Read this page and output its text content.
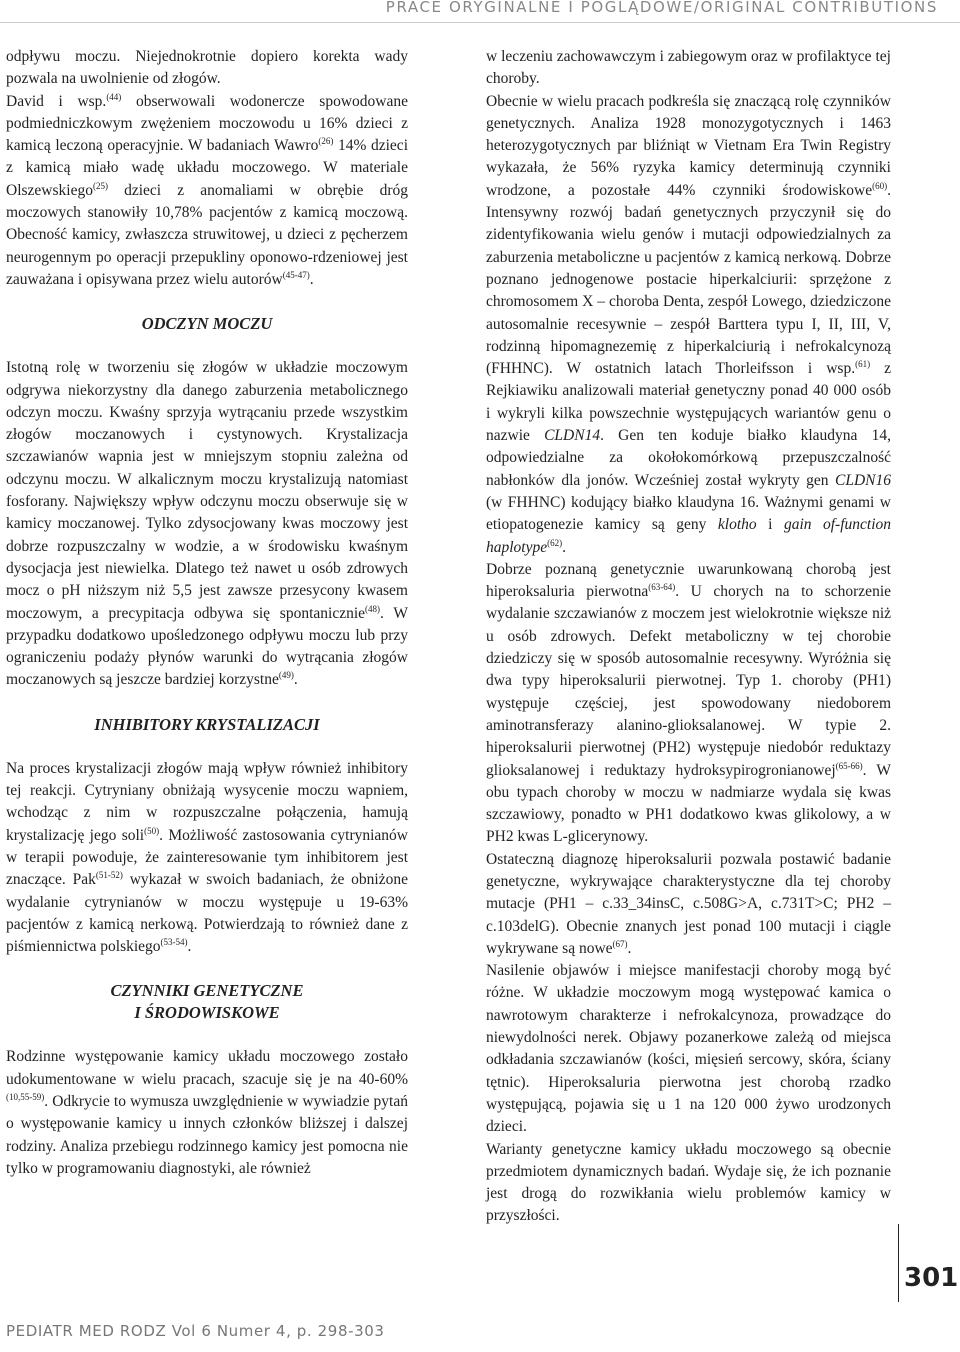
PRACE ORYGINALNE I POGLĄDOWE/ORIGINAL CONTRIBUTIONS

odpływu moczu. Niejednokrotnie dopiero korekta wady pozwala na uwolnienie od złogów.

David i wsp.$^{(44)}$ obserwowali wodonercze spowodowane podmiedniczkowym zwężeniem moczowodu u 16% dzieci z kamicą leczoną operacyjnie. W badaniach Wawro$^{(26)}$ 14% dzieci z kamicą miało wadę układu moczowego. W materiale Olszewskiego$^{(25)}$ dzieci z anomaliami w obrębie dróg moczowych stanowiły 10,78% pacjentów z kamicą moczową. Obecność kamicy, zwłaszcza struwitowej, u dzieci z pęcherzem neurogennym po operacji przepukliny oponowo-rdzeniowej jest zauważana i opisywana przez wielu autorów$^{(45-47)}$.

ODCZYN MOCZU

Istotną rolę w tworzeniu się złogów w układzie moczowym odgrywa niekorzystny dla danego zaburzenia metabolicznego odczyn moczu. Kwaśny sprzyja wytrącaniu przede wszystkim złogów moczanowych i cystynowych. Krystalizacja szczawianów wapnia jest w mniejszym stopniu zależna od odczynu moczu. W alkalicznym moczu krystalizują natomiast fosforany. Największy wpływ odczynu moczu obserwuje się w kamicy moczanowej. Tylko zdysocjowany kwas moczowy jest dobrze rozpuszczalny w wodzie, a w środowisku kwaśnym dysocjacja jest niewielka. Dlatego też nawet u osób zdrowych mocz o pH niższym niż 5,5 jest zawsze przesycony kwasem moczowym, a precypitacja odbywa się spontanicznie$^{(48)}$. W przypadku dodatkowo upośledzonego odpływu moczu lub przy ograniczeniu podaży płynów warunki do wytrącania złogów moczanowych są jeszcze bardziej korzystne$^{(49)}$.

INHIBITORY KRYSTALIZACJI

Na proces krystalizacji złogów mają wpływ również inhibitory tej reakcji. Cytryniany obniżają wysycenie moczu wapniem, wchodząc z nim w rozpuszczalne połączenia, hamują krystalizację jego soli$^{(50)}$. Możliwość zastosowania cytrynianów w terapii powoduje, że zainteresowanie tym inhibitorem jest znaczące. Pak$^{(51-52)}$ wykazał w swoich badaniach, że obniżone wydalanie cytrynianów w moczu występuje u 19-63% pacjentów z kamicą nerkową. Potwierdzają to również dane z piśmiennictwa polskiego$^{(53-54)}$.

CZYNNIKI GENETYCZNE
I ŚRODOWISKOWE

Rodzinne występowanie kamicy układu moczowego zostało udokumentowane w wielu pracach, szacuje się je na 40-60%$^{(10,55-59)}$. Odkrycie to wymusza uwzględnienie w wywiadzie pytań o występowanie kamicy u innych członków bliższej i dalszej rodziny. Analiza przebiegu rodzinnego kamicy jest pomocna nie tylko w programowaniu diagnostyki, ale również

w leczeniu zachowawczym i zabiegowym oraz w profilaktyce tej choroby.

Obecnie w wielu pracach podkreśla się znaczącą rolę czynników genetycznych. Analiza 1928 monozygotycznych i 1463 heterozygotycznych par bliźniąt w Vietnam Era Twin Registry wykazała, że 56% ryzyka kamicy determinują czynniki wrodzone, a pozostałe 44% czynniki środowiskowe$^{(60)}$. Intensywny rozwój badań genetycznych przyczynił się do zidentyfikowania wielu genów i mutacji odpowiedzialnych za zaburzenia metaboliczne u pacjentów z kamicą nerkową. Dobrze poznano jednogenowe postacie hiperkalciurii: sprzężone z chromosomem X – choroba Denta, zespół Lowego, dziedziczone autosomalnie recesywnie – zespół Barttera typu I, II, III, V, rodzinną hipomagnezemię z hiperkalciurią i nefrokalcynozą (FHHNC). W ostatnich latach Thorleifsson i wsp.$^{(61)}$ z Rejkiawiku analizowali materiał genetyczny ponad 40 000 osób i wykryli kilka powszechnie występujących wariantów genu o nazwie CLDN14. Gen ten koduje białko klaudyna 14, odpowiedzialne za okołokomórkową przepuszczalność nabłonków dla jonów. Wcześniej został wykryty gen CLDN16 (w FHHNC) kodujący białko klaudyna 16. Ważnymi genami w etiopatogenezie kamicy są geny klotho i gain of-function haplotype$^{(62)}$.

Dobrze poznaną genetycznie uwarunkowaną chorobą jest hiperoksaluria pierwotna$^{(63-64)}$. U chorych na to schorzenie wydalanie szczawianów z moczem jest wielokrotnie większe niż u osób zdrowych. Defekt metaboliczny w tej chorobie dziedziczy się w sposób autosomalnie recesywny. Wyróżnia się dwa typy hiperoksalurii pierwotnej. Typ 1. choroby (PH1) występuje częściej, jest spowodowany niedoborem aminotransferazy alanino-glioksalanowej. W typie 2. hiperoksalurii pierwotnej (PH2) występuje niedobór reduktazy glioksalanowej i reduktazy hydroksypirogronianowej$^{(65-66)}$. W obu typach choroby w moczu w nadmiarze wydala się kwas szczawiowy, ponadto w PH1 dodatkowo kwas glikolowy, a w PH2 kwas L-glicerynowy.

Ostateczną diagnozę hiperoksalurii pozwala postawić badanie genetyczne, wykrywające charakterystyczne dla tej choroby mutacje (PH1 – c.33_34insC, c.508G>A, c.731T>C; PH2 – c.103delG). Obecnie znanych jest ponad 100 mutacji i ciągle wykrywane są nowe$^{(67)}$.

Nasilenie objawów i miejsce manifestacji choroby mogą być różne. W układzie moczowym mogą występować kamica o nawrotowym charakterze i nefrokalcynoza, prowadzące do niewydolności nerek. Objawy pozanerkowe zależą od miejsca odkładania szczawianów (kości, mięsień sercowy, skóra, ściany tętnic). Hiperoksaluria pierwotna jest chorobą rzadko występującą, pojawia się u 1 na 120 000 żywo urodzonych dzieci.

Warianty genetyczne kamicy układu moczowego są obecnie przedmiotem dynamicznych badań. Wydaje się, że ich poznanie jest drogą do rozwikłania wielu problemów kamicy w przyszłości.

301
PEDIATR MED RODZ Vol 6 Numer 4, p. 298-303
